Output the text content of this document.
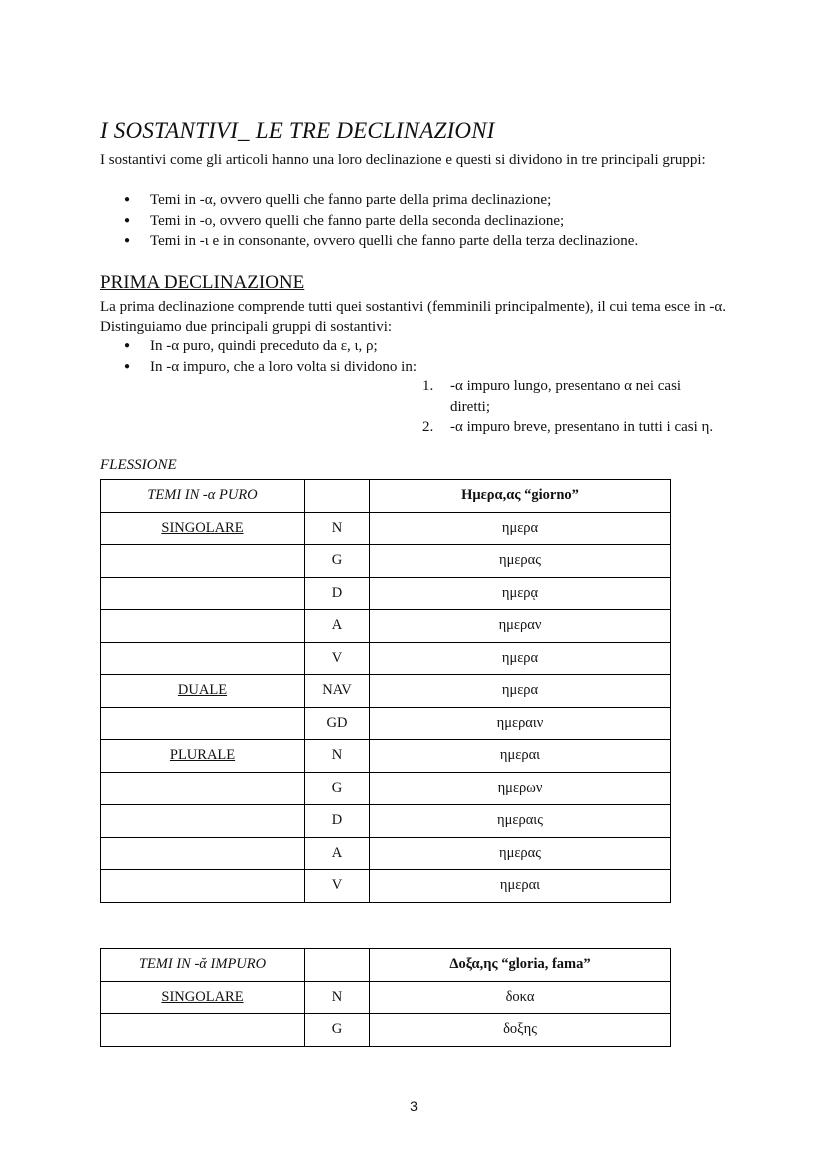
I SOSTANTIVI_ LE TRE DECLINAZIONI

I sostantivi come gli articoli hanno una loro declinazione e questi si dividono in tre principali gruppi:

● Temi in -α, ovvero quelli che fanno parte della prima declinazione;
● Temi in -ο, ovvero quelli che fanno parte della seconda declinazione;
● Temi in -ι e in consonante, ovvero quelli che fanno parte della terza declinazione.
PRIMA DECLINAZIONE

La prima declinazione comprende tutti quei sostantivi (femminili principalmente), il cui tema esce in -α. Distinguiamo due principali gruppi di sostantivi:

● In -α puro, quindi preceduto da ε, ι, ρ;
● In -α impuro, che a loro volta si dividono in:
1. -α impuro lungo, presentano α nei casi diretti;
2. -α impuro breve, presentano in tutti i casi η.

FLESSIONE

TEMI IN -α PURO		Ημερα,ας “giorno”
SINGOLARE	N	ημερα
	G	ημερας
	D	ημερᾳ
	A	ημεραν
	V	ημερα
DUALE	NAV	ημερα
	GD	ημεραιν
PLURALE	N	ημεραι
	G	ημερων
	D	ημεραις
	A	ημερας
	V	ημεραι
TEMI IN -ᾰ IMPURO		Δοξα,ης “gloria, fama”
SINGOLARE	N	δοκα
	G	δοξης
3
